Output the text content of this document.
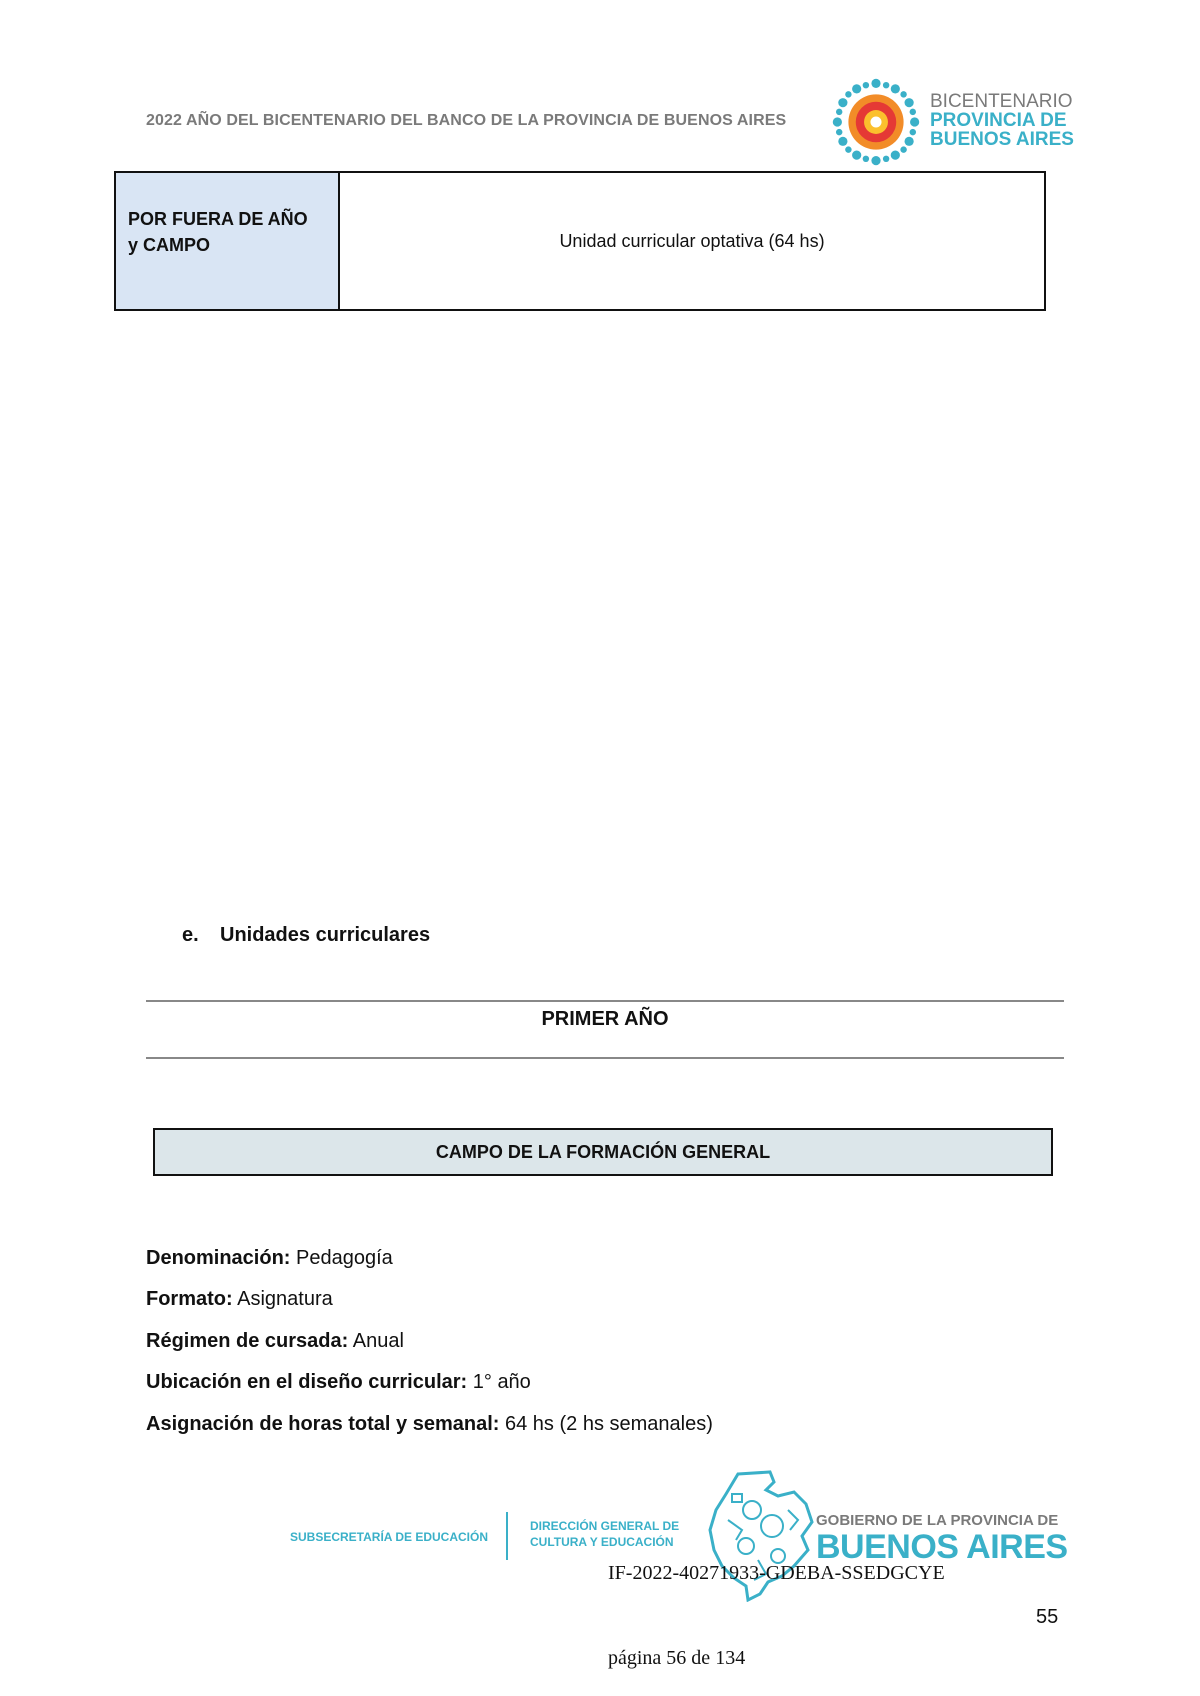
2022 AÑO DEL BICENTENARIO DEL BANCO DE LA PROVINCIA DE BUENOS AIRES
BICENTENARIO
PROVINCIA DE
BUENOS AIRES
POR FUERA DE AÑO
y CAMPO	Unidad curricular optativa (64 hs)
e. Unidades curriculares
PRIMER AÑO
CAMPO DE LA FORMACIÓN GENERAL
Denominación: Pedagogía
Formato: Asignatura
Régimen de cursada: Anual
Ubicación en el diseño curricular: 1° año
Asignación de horas total y semanal: 64 hs (2 hs semanales)
SUBSECRETARÍA DE EDUCACIÓN
DIRECCIÓN GENERAL DE
CULTURA Y EDUCACIÓN
GOBIERNO DE LA PROVINCIA DE
BUENOS AIRES
IF-2022-40271933-GDEBA-SSEDGCYE
55
página 56 de 134
